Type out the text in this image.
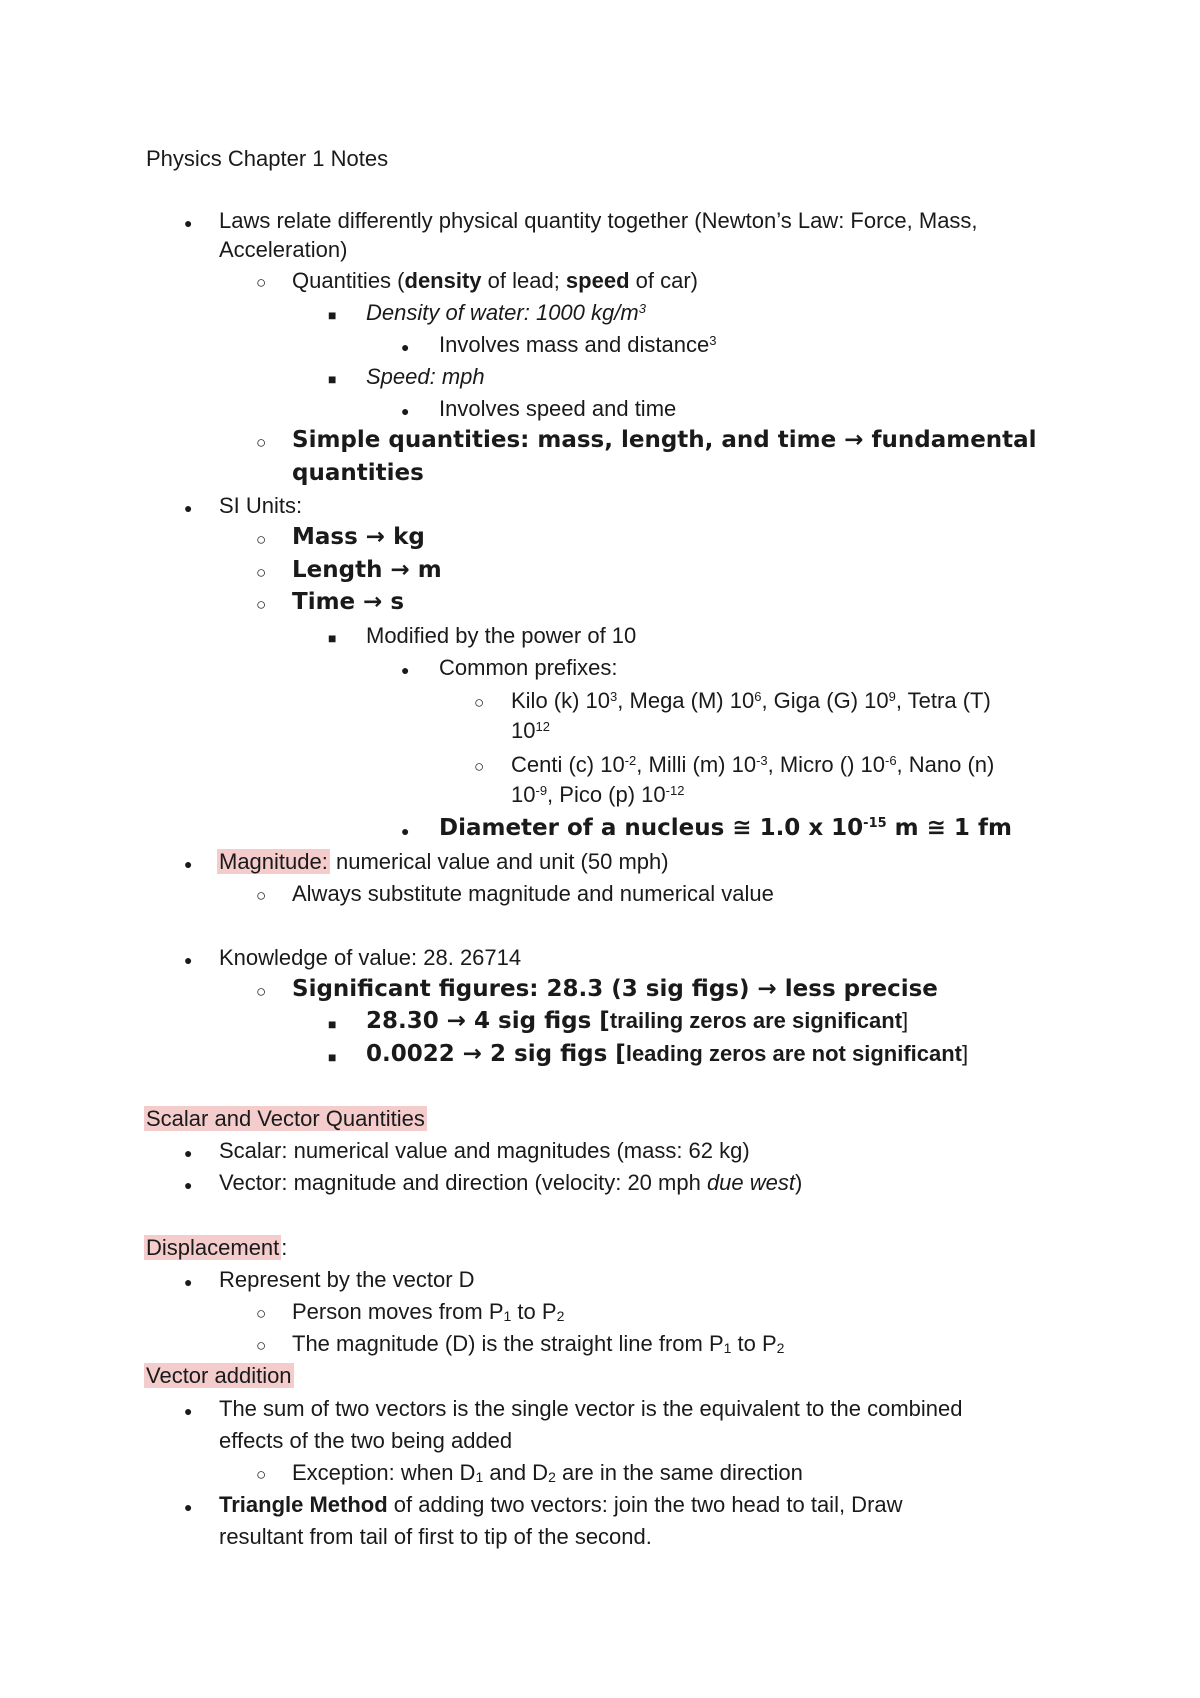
Physics Chapter 1 Notes
●
Laws relate differently physical quantity together (Newton’s Law: Force, Mass,
Acceleration)
○
Quantities (density of lead; speed of car)
■
Density of water: 1000 $kg/m^3$
●
Involves mass and distance$^3$
■
Speed: mph
●
Involves speed and time
○
Simple quantities: mass, length, and time → fundamental
quantities
●
SI Units:
○
Mass → kg
○
Length → m
○
Time → s
■
Modified by the power of 10
●
Common prefixes:
○
Kilo (k) $10^3$, Mega (M) $10^6$, Giga (G) $10^9$, Tetra (T)
$10^{12}$
○
Centi (c) $10^{-2}$, Milli (m) $10^{-3}$, Micro () $10^{-6}$, Nano (n)
$10^{-9}$, Pico (p) $10^{-12}$
●
Diameter of a nucleus ≅ 1.0 x $10^{-15}$ m ≅ 1 fm
●
Magnitude: numerical value and unit (50 mph)
○
Always substitute magnitude and numerical value
●
Knowledge of value: 28. 26714
○
Significant figures: 28.3 (3 sig figs) → less precise
■
28.30 → 4 sig figs [trailing zeros are significant]
■
0.0022 → 2 sig figs [leading zeros are not significant]
Scalar and Vector Quantities
●
Scalar: numerical value and magnitudes (mass: 62 kg)
●
Vector: magnitude and direction (velocity: 20 mph due west)
Displacement:
●
Represent by the vector D
○
Person moves from $P_1$ to $P_2$
○
The magnitude (D) is the straight line from $P_1$ to $P_2$
Vector addition
●
The sum of two vectors is the single vector is the equivalent to the combined
effects of the two being added
○
Exception: when $D_1$ and $D_2$ are in the same direction
●
Triangle Method of adding two vectors: join the two head to tail, Draw
resultant from tail of first to tip of the second.
